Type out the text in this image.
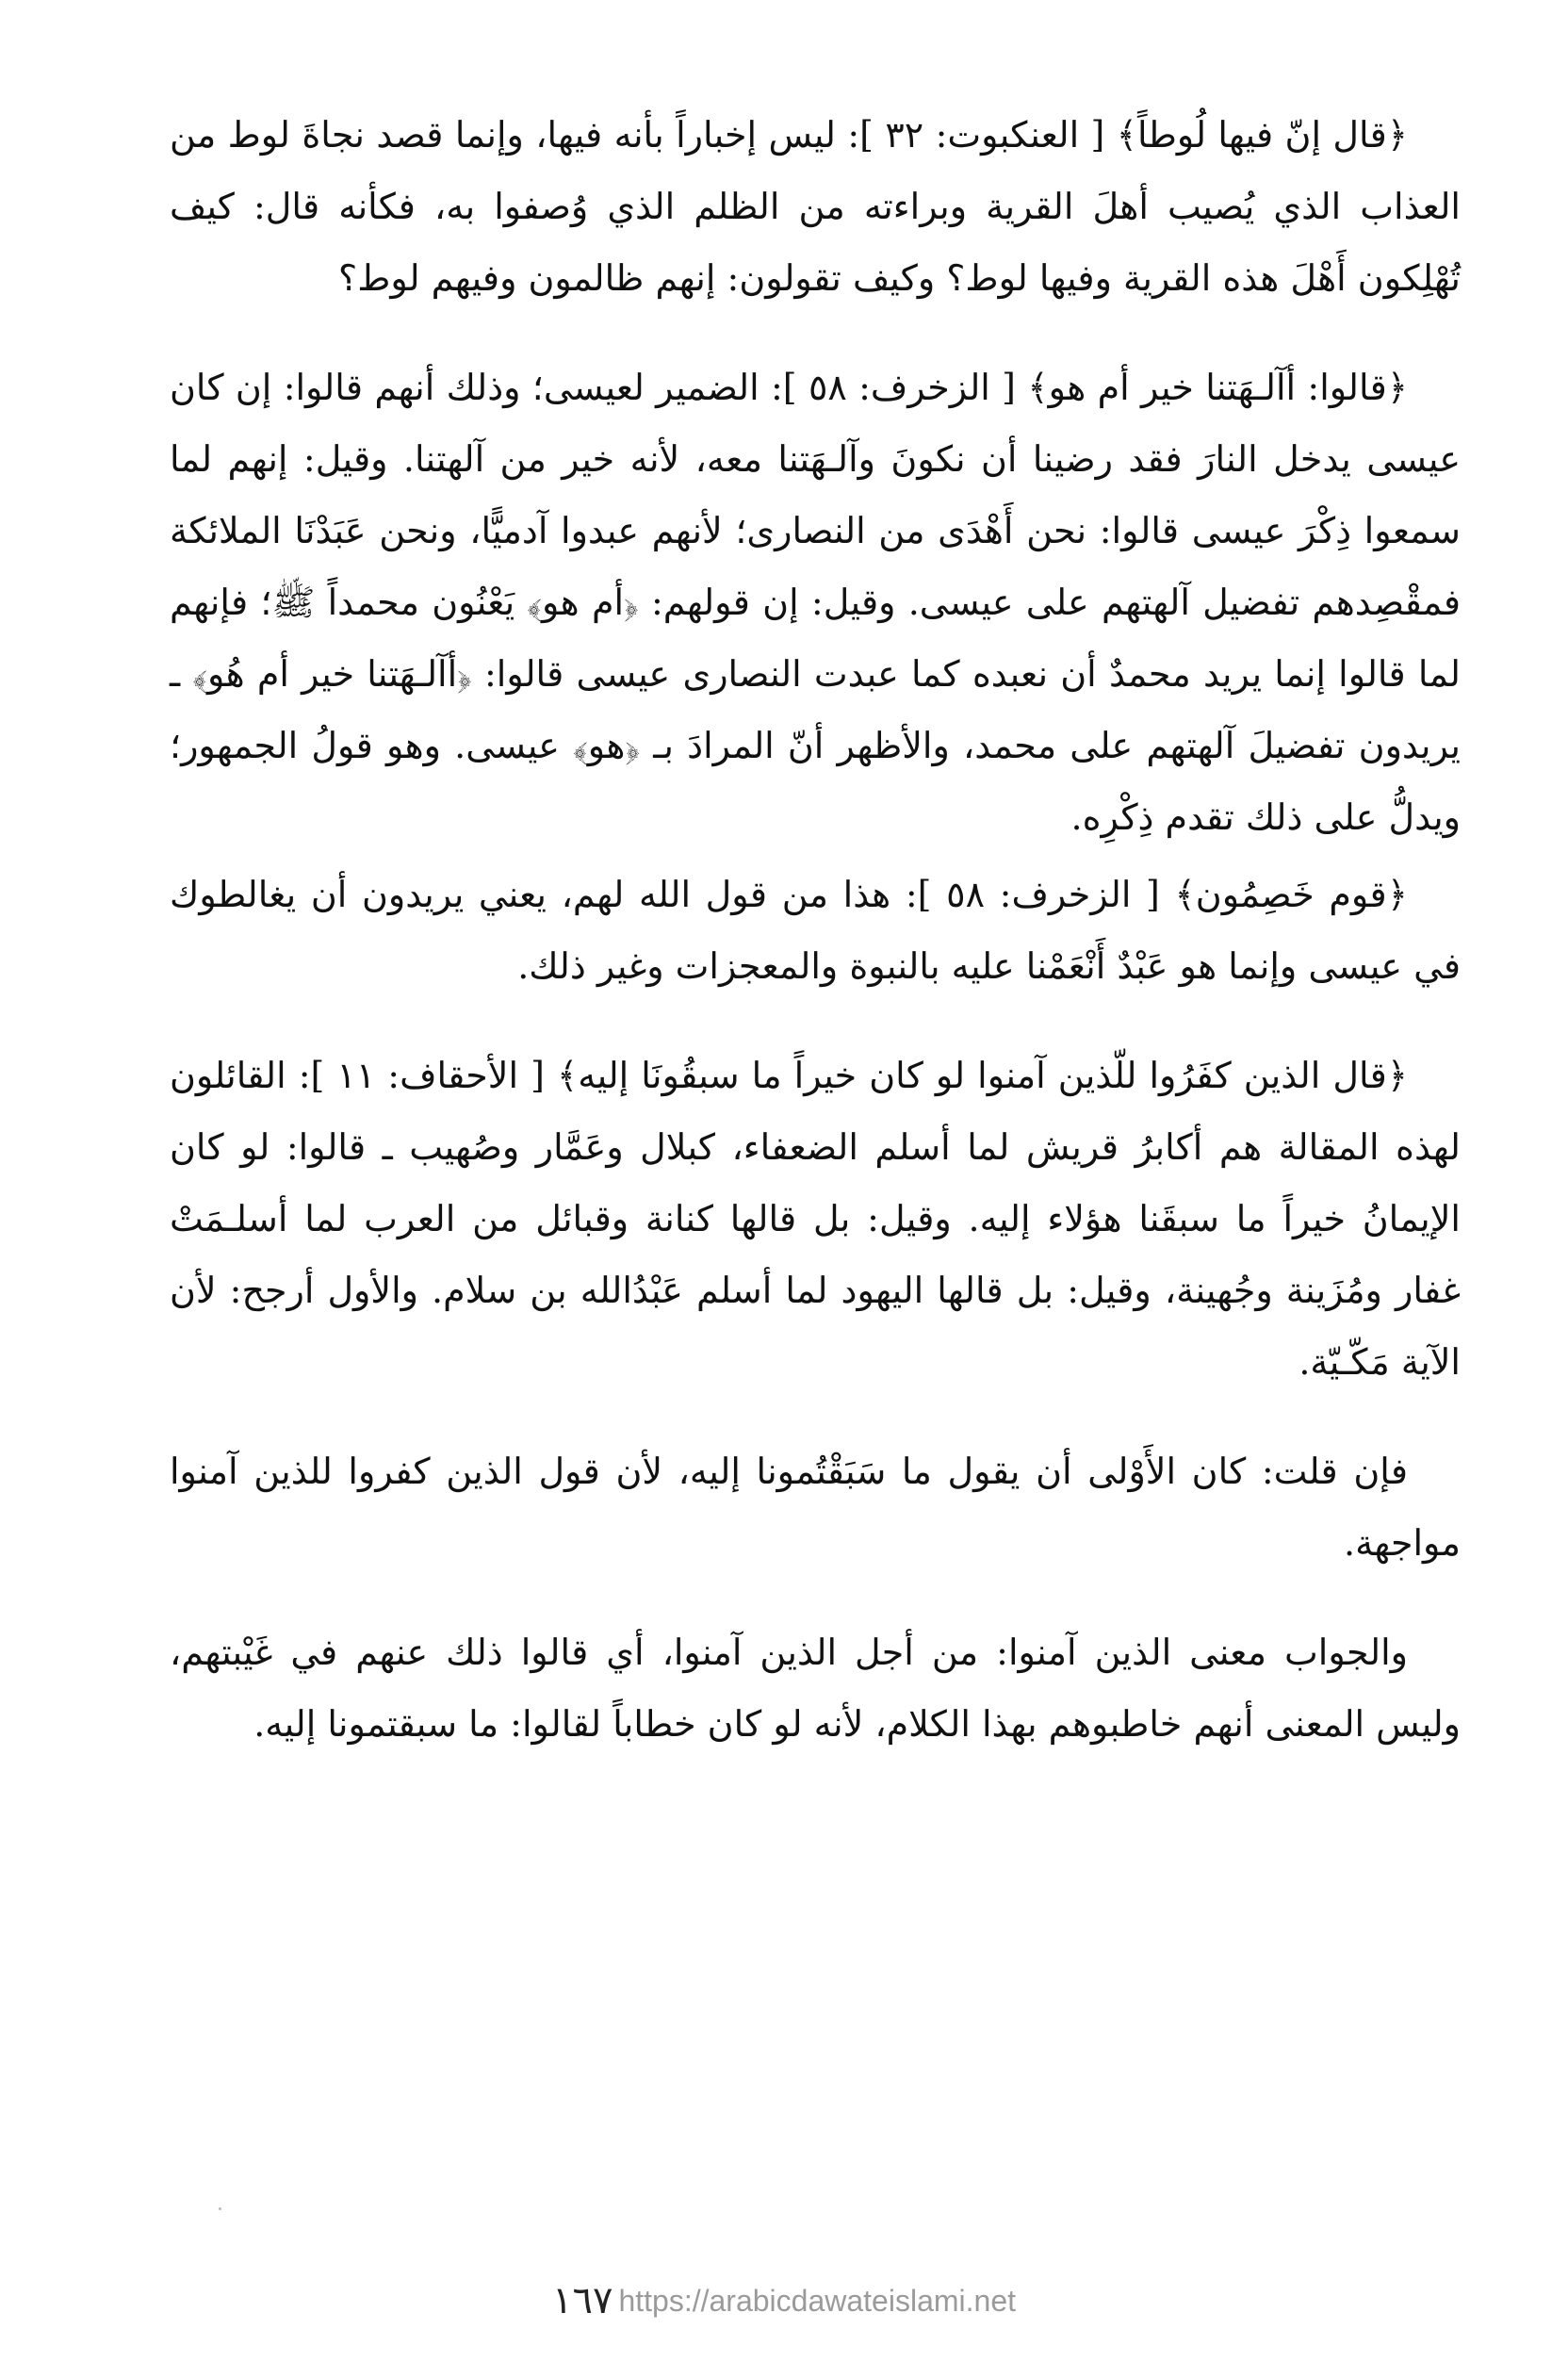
﴿قال إنّ فيها لُوطاً﴾ [ العنكبوت: ٣٢ ]: ليس إخباراً بأنه فيها، وإنما قصد نجاةَ لوط من العذاب الذي يُصيب أهلَ القرية وبراءته من الظلم الذي وُصفوا به، فكأنه قال: كيف تُهْلِكون أَهْلَ هذه القرية وفيها لوط؟ وكيف تقولون: إنهم ظالمون وفيهم لوط؟

﴿قالوا: أآلـهَتنا خير أم هو﴾ [ الزخرف: ٥٨ ]: الضمير لعيسى؛ وذلك أنهم قالوا: إن كان عيسى يدخل النارَ فقد رضينا أن نكونَ وآلـهَتنا معه، لأنه خير من آلهتنا. وقيل: إنهم لما سمعوا ذِكْرَ عيسى قالوا: نحن أَهْدَى من النصارى؛ لأنهم عبدوا آدميًّا، ونحن عَبَدْنَا الملائكة فمقْصِدهم تفضيل آلهتهم على عيسى. وقيل: إن قولهم: ﴿أم هو﴾ يَعْنُون محمداً ﷺ؛ فإنهم لما قالوا إنما يريد محمدٌ أن نعبده كما عبدت النصارى عيسى قالوا: ﴿أآلـهَتنا خير أم هُو﴾ ـ يريدون تفضيلَ آلهتهم على محمد، والأظهر أنّ المرادَ بـ ﴿هو﴾ عيسى. وهو قولُ الجمهور؛ ويدلُّ على ذلك تقدم ذِكْرِه.

﴿قوم خَصِمُون﴾ [ الزخرف: ٥٨ ]: هذا من قول الله لهم، يعني يريدون أن يغالطوك في عيسى وإنما هو عَبْدٌ أَنْعَمْنا عليه بالنبوة والمعجزات وغير ذلك.

﴿قال الذين كفَرُوا للّذين آمنوا لو كان خيراً ما سبقُونَا إليه﴾ [ الأحقاف: ١١ ]: القائلون لهذه المقالة هم أكابرُ قريش لما أسلم الضعفاء، كبلال وعَمَّار وصُهيب ـ قالوا: لو كان الإيمانُ خيراً ما سبقَنا هؤلاء إليه. وقيل: بل قالها كنانة وقبائل من العرب لما أسلـمَتْ غفار ومُزَينة وجُهينة، وقيل: بل قالها اليهود لما أسلم عَبْدُالله بن سلام. والأول أرجح: لأن الآية مَكّـيّة.

فإن قلت: كان الأَوْلى أن يقول ما سَبَقْتُمونا إليه، لأن قول الذين كفروا للذين آمنوا مواجهة.

والجواب معنى الذين آمنوا: من أجل الذين آمنوا، أي قالوا ذلك عنهم في غَيْبتهم، وليس المعنى أنهم خاطبوهم بهذا الكلام، لأنه لو كان خطاباً لقالوا: ما سبقتمونا إليه.

١٦٧ https://arabicdawateislami.net
